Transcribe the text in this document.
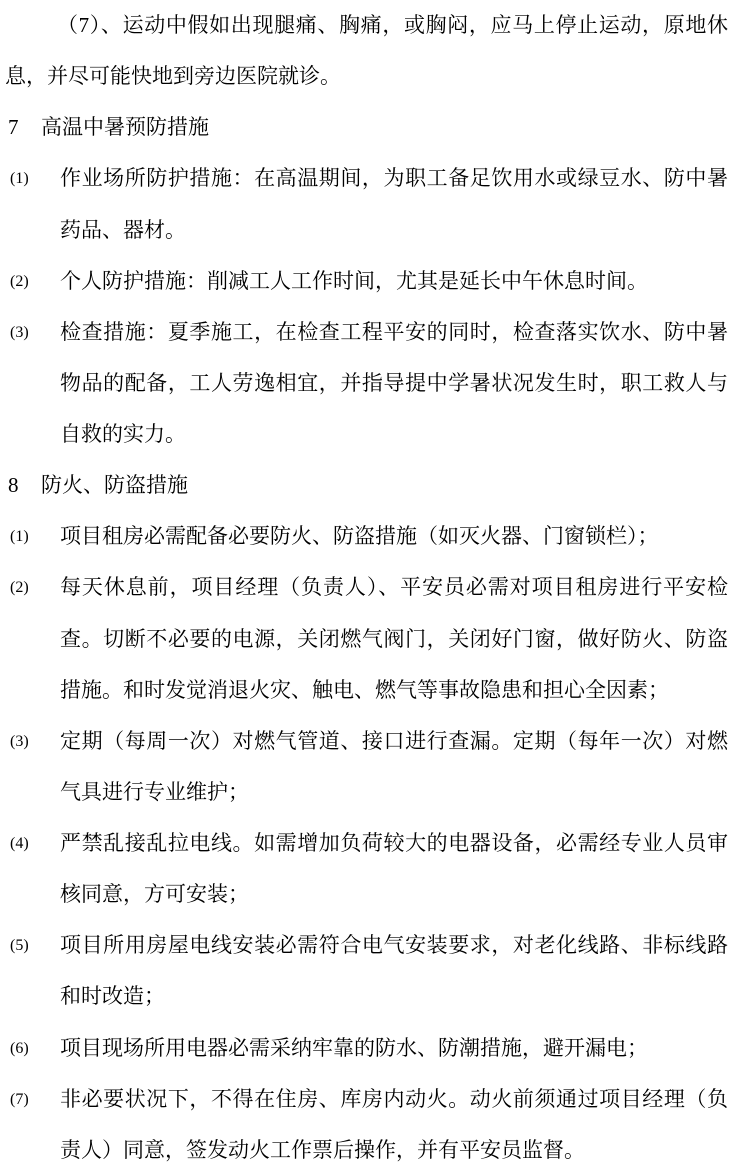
（7）、运动中假如出现腿痛、胸痛，或胸闷，应马上停止运动，原地休
息，并尽可能快地到旁边医院就诊。
7 高温中暑预防措施
(1) 作业场所防护措施：在高温期间，为职工备足饮用水或绿豆水、防中暑
药品、器材。
(2) 个人防护措施：削减工人工作时间，尤其是延长中午休息时间。
(3) 检查措施：夏季施工，在检查工程平安的同时，检查落实饮水、防中暑
物品的配备，工人劳逸相宜，并指导提中学暑状况发生时，职工救人与
自救的实力。
8 防火、防盗措施
(1) 项目租房必需配备必要防火、防盗措施（如灭火器、门窗锁栏）；
(2) 每天休息前，项目经理（负责人）、平安员必需对项目租房进行平安检
查。切断不必要的电源，关闭燃气阀门，关闭好门窗，做好防火、防盗
措施。和时发觉消退火灾、触电、燃气等事故隐患和担心全因素；
(3) 定期（每周一次）对燃气管道、接口进行查漏。定期（每年一次）对燃
气具进行专业维护；
(4) 严禁乱接乱拉电线。如需增加负荷较大的电器设备，必需经专业人员审
核同意，方可安装；
(5) 项目所用房屋电线安装必需符合电气安装要求，对老化线路、非标线路
和时改造；
(6) 项目现场所用电器必需采纳牢靠的防水、防潮措施，避开漏电；
(7) 非必要状况下，不得在住房、库房内动火。动火前须通过项目经理（负
责人）同意，签发动火工作票后操作，并有平安员监督。
